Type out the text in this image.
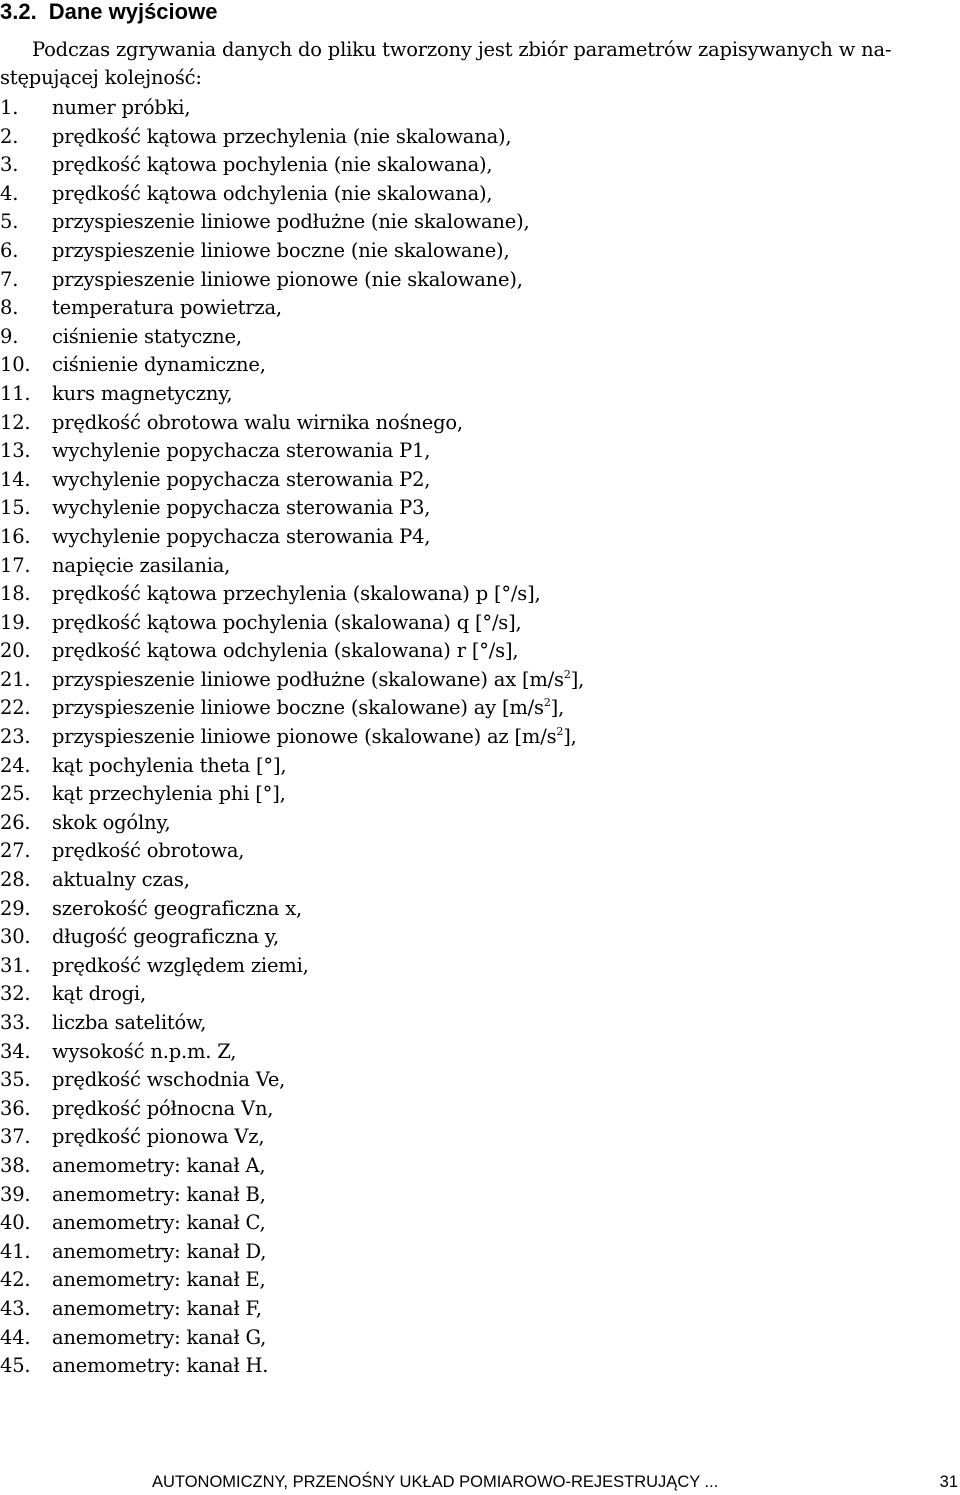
3.2. Dane wyjściowe

Podczas zgrywania danych do pliku tworzony jest zbiór parametrów zapisywanych w na-
stępującej kolejność:

1. numer próbki,
2. prędkość kątowa przechylenia (nie skalowana),
3. prędkość kątowa pochylenia (nie skalowana),
4. prędkość kątowa odchylenia (nie skalowana),
5. przyspieszenie liniowe podłużne (nie skalowane),
6. przyspieszenie liniowe boczne (nie skalowane),
7. przyspieszenie liniowe pionowe (nie skalowane),
8. temperatura powietrza,
9. ciśnienie statyczne,
10. ciśnienie dynamiczne,
11. kurs magnetyczny,
12. prędkość obrotowa walu wirnika nośnego,
13. wychylenie popychacza sterowania P1,
14. wychylenie popychacza sterowania P2,
15. wychylenie popychacza sterowania P3,
16. wychylenie popychacza sterowania P4,
17. napięcie zasilania,
18. prędkość kątowa przechylenia (skalowana) p [°/s],
19. prędkość kątowa pochylenia (skalowana) q [°/s],
20. prędkość kątowa odchylenia (skalowana) r [°/s],
21. przyspieszenie liniowe podłużne (skalowane) ax $[m/s^2]$,
22. przyspieszenie liniowe boczne (skalowane) ay $[m/s^2]$,
23. przyspieszenie liniowe pionowe (skalowane) az $[m/s^2]$,
24. kąt pochylenia theta [°],
25. kąt przechylenia phi [°],
26. skok ogólny,
27. prędkość obrotowa,
28. aktualny czas,
29. szerokość geograficzna x,
30. długość geograficzna y,
31. prędkość względem ziemi,
32. kąt drogi,
33. liczba satelitów,
34. wysokość n.p.m. Z,
35. prędkość wschodnia Ve,
36. prędkość północna Vn,
37. prędkość pionowa Vz,
38. anemometry: kanał A,
39. anemometry: kanał B,
40. anemometry: kanał C,
41. anemometry: kanał D,
42. anemometry: kanał E,
43. anemometry: kanał F,
44. anemometry: kanał G,
45. anemometry: kanał H.
AUTONOMICZNY, PRZENOŚNY UKŁAD POMIAROWO-REJESTRUJĄCY ...	31
